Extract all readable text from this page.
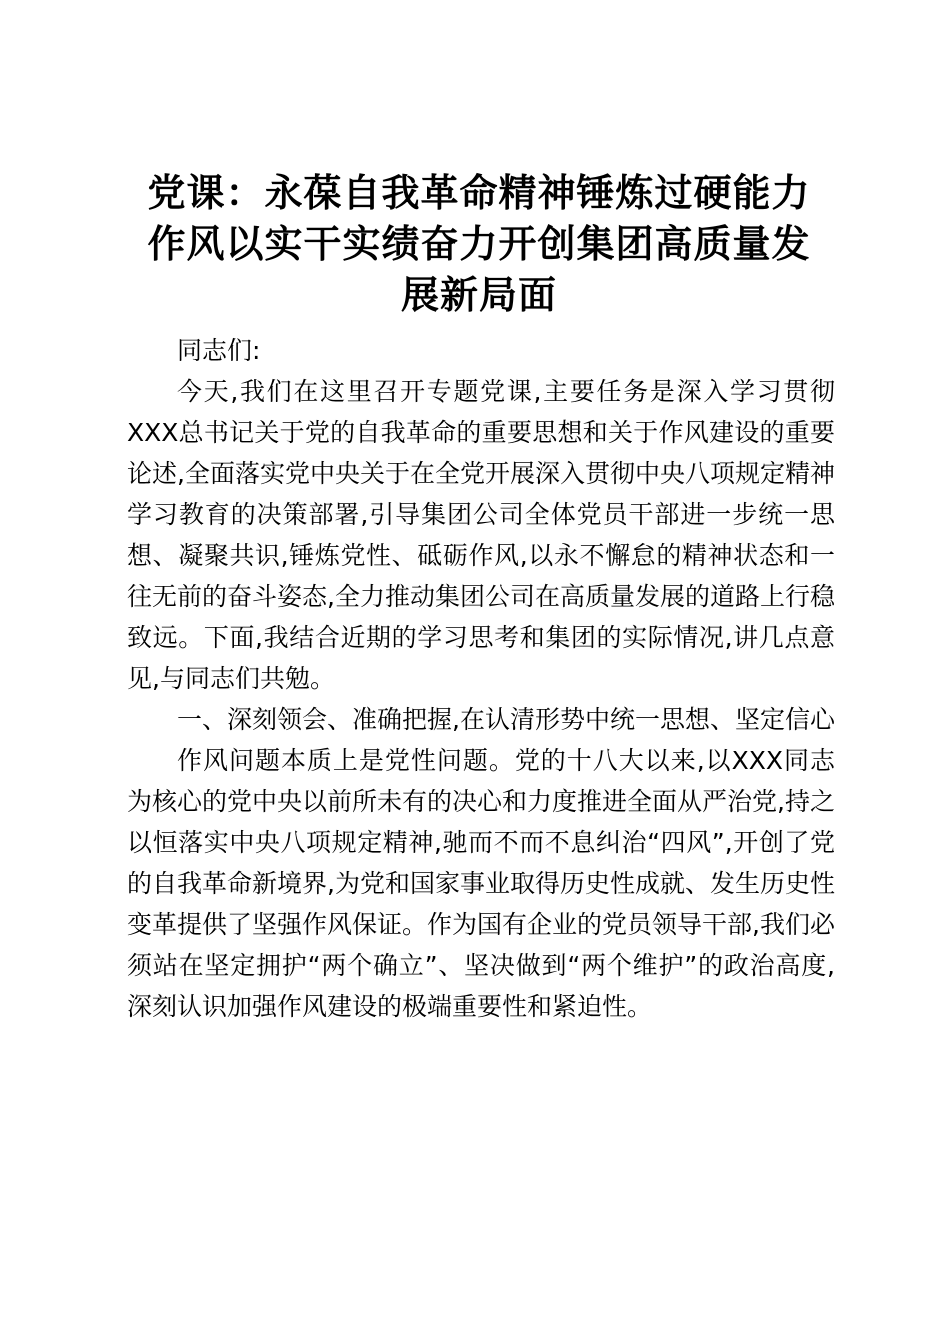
党课：永葆自我革命精神锤炼过硬能力
作风以实干实绩奋力开创集团高质量发
展新局面

同志们:

今天,我们在这里召开专题党课,主要任务是深入学习贯彻XXX总书记关于党的自我革命的重要思想和关于作风建设的重要论述,全面落实党中央关于在全党开展深入贯彻中央八项规定精神学习教育的决策部署,引导集团公司全体党员干部进一步统一思想、凝聚共识,锤炼党性、砥砺作风,以永不懈怠的精神状态和一往无前的奋斗姿态,全力推动集团公司在高质量发展的道路上行稳致远。下面,我结合近期的学习思考和集团的实际情况,讲几点意见,与同志们共勉。

一、深刻领会、准确把握,在认清形势中统一思想、坚定信心

作风问题本质上是党性问题。党的十八大以来,以XXX同志为核心的党中央以前所未有的决心和力度推进全面从严治党,持之以恒落实中央八项规定精神,驰而不而不息纠治“四风”,开创了党的自我革命新境界,为党和国家事业取得历史性成就、发生历史性变革提供了坚强作风保证。作为国有企业的党员领导干部,我们必须站在坚定拥护“两个确立”、坚决做到“两个维护”的政治高度,深刻认识加强作风建设的极端重要性和紧迫性。
